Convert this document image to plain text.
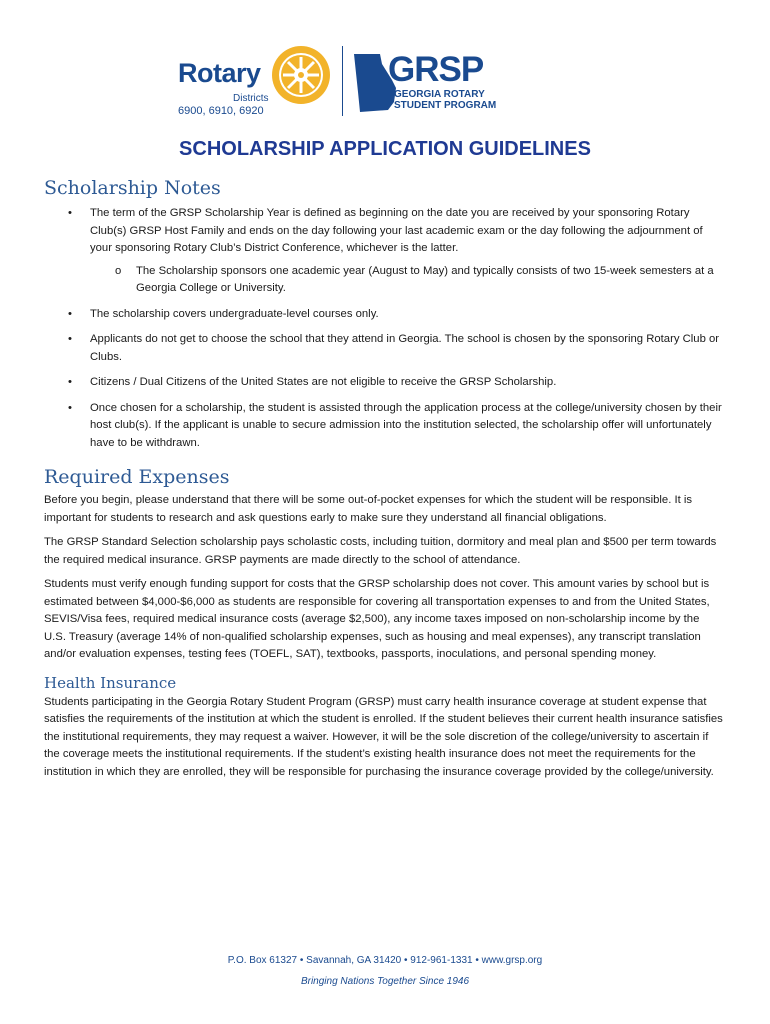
Rotary
Districts
6900, 6910, 6920
GRSP
GEORGIA ROTARY
STUDENT PROGRAM
SCHOLARSHIP APPLICATION GUIDELINES
Scholarship Notes
• The term of the GRSP Scholarship Year is defined as beginning on the date you are received by your sponsoring Rotary Club(s) GRSP Host Family and ends on the day following your last academic exam or the day following the adjournment of your sponsoring Rotary Club’s District Conference, whichever is the latter.
o The Scholarship sponsors one academic year (August to May) and typically consists of two 15-week semesters at a Georgia College or University.
• The scholarship covers undergraduate-level courses only.
• Applicants do not get to choose the school that they attend in Georgia. The school is chosen by the sponsoring Rotary Club or Clubs.
• Citizens / Dual Citizens of the United States are not eligible to receive the GRSP Scholarship.
• Once chosen for a scholarship, the student is assisted through the application process at the college/university chosen by their host club(s). If the applicant is unable to secure admission into the institution selected, the scholarship offer will unfortunately have to be withdrawn.
Required Expenses

Before you begin, please understand that there will be some out-of-pocket expenses for which the student will be responsible. It is important for students to research and ask questions early to make sure they understand all financial obligations.

The GRSP Standard Selection scholarship pays scholastic costs, including tuition, dormitory and meal plan and $500 per term towards the required medical insurance. GRSP payments are made directly to the school of attendance.

Students must verify enough funding support for costs that the GRSP scholarship does not cover. This amount varies by school but is estimated between $4,000-$6,000 as students are responsible for covering all transportation expenses to and from the United States, SEVIS/Visa fees, required medical insurance costs (average $2,500), any income taxes imposed on non-scholarship income by the U.S. Treasury (average 14% of non-qualified scholarship expenses, such as housing and meal expenses), any transcript translation and/or evaluation expenses, testing fees (TOEFL, SAT), textbooks, passports, inoculations, and personal spending money.

Health Insurance

Students participating in the Georgia Rotary Student Program (GRSP) must carry health insurance coverage at student expense that satisfies the requirements of the institution at which the student is enrolled. If the student believes their current health insurance satisfies the institutional requirements, they may request a waiver. However, it will be the sole discretion of the college/university to ascertain if the coverage meets the institutional requirements. If the student’s existing health insurance does not meet the requirements for the institution in which they are enrolled, they will be responsible for purchasing the insurance coverage provided by the college/university.

P.O. Box 61327 • Savannah, GA 31420 • 912-961-1331 • www.grsp.org
Bringing Nations Together Since 1946
